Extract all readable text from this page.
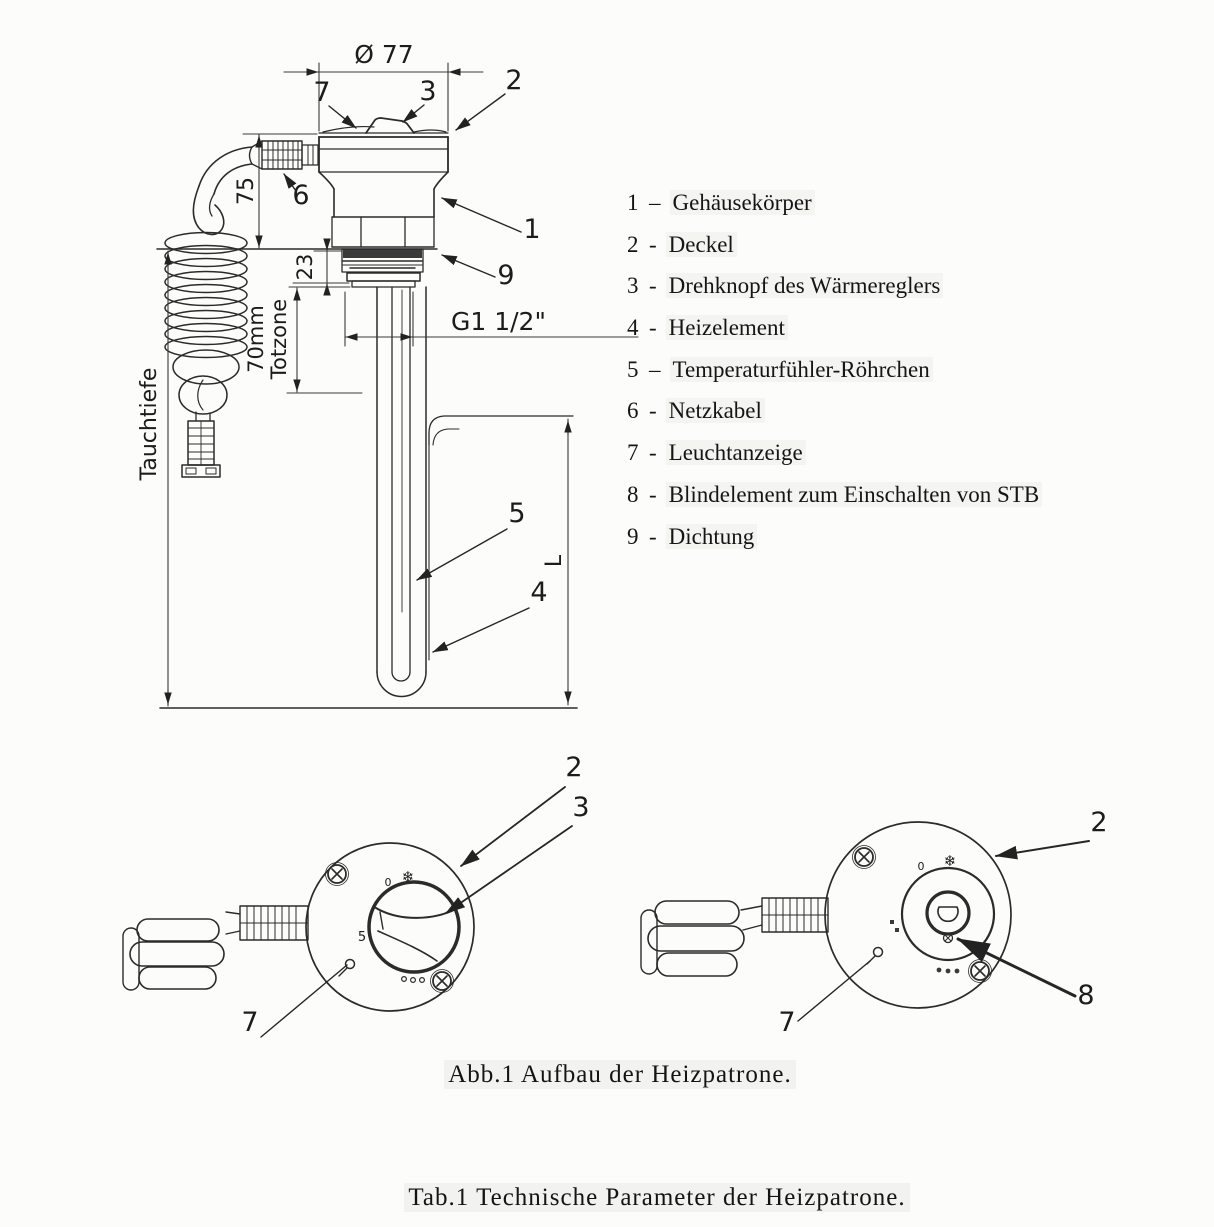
Ø 77
75
Tauchtiefe
23
70mm Totzone	G1 1/2"
L
7	3	2
6
1
9
5
4
❄
0
5
2
3
7
❄
0
2
8
7
1 – Gehäusekörper
2 - Deckel
3 - Drehknopf des Wärmereglers
4 - Heizelement
5 – Temperaturfühler-Röhrchen
6 - Netzkabel
7 - Leuchtanzeige
8 - Blindelement zum Einschalten von STB
9 - Dichtung
Abb.1 Aufbau der Heizpatrone.
Tab.1 Technische Parameter der Heizpatrone.
